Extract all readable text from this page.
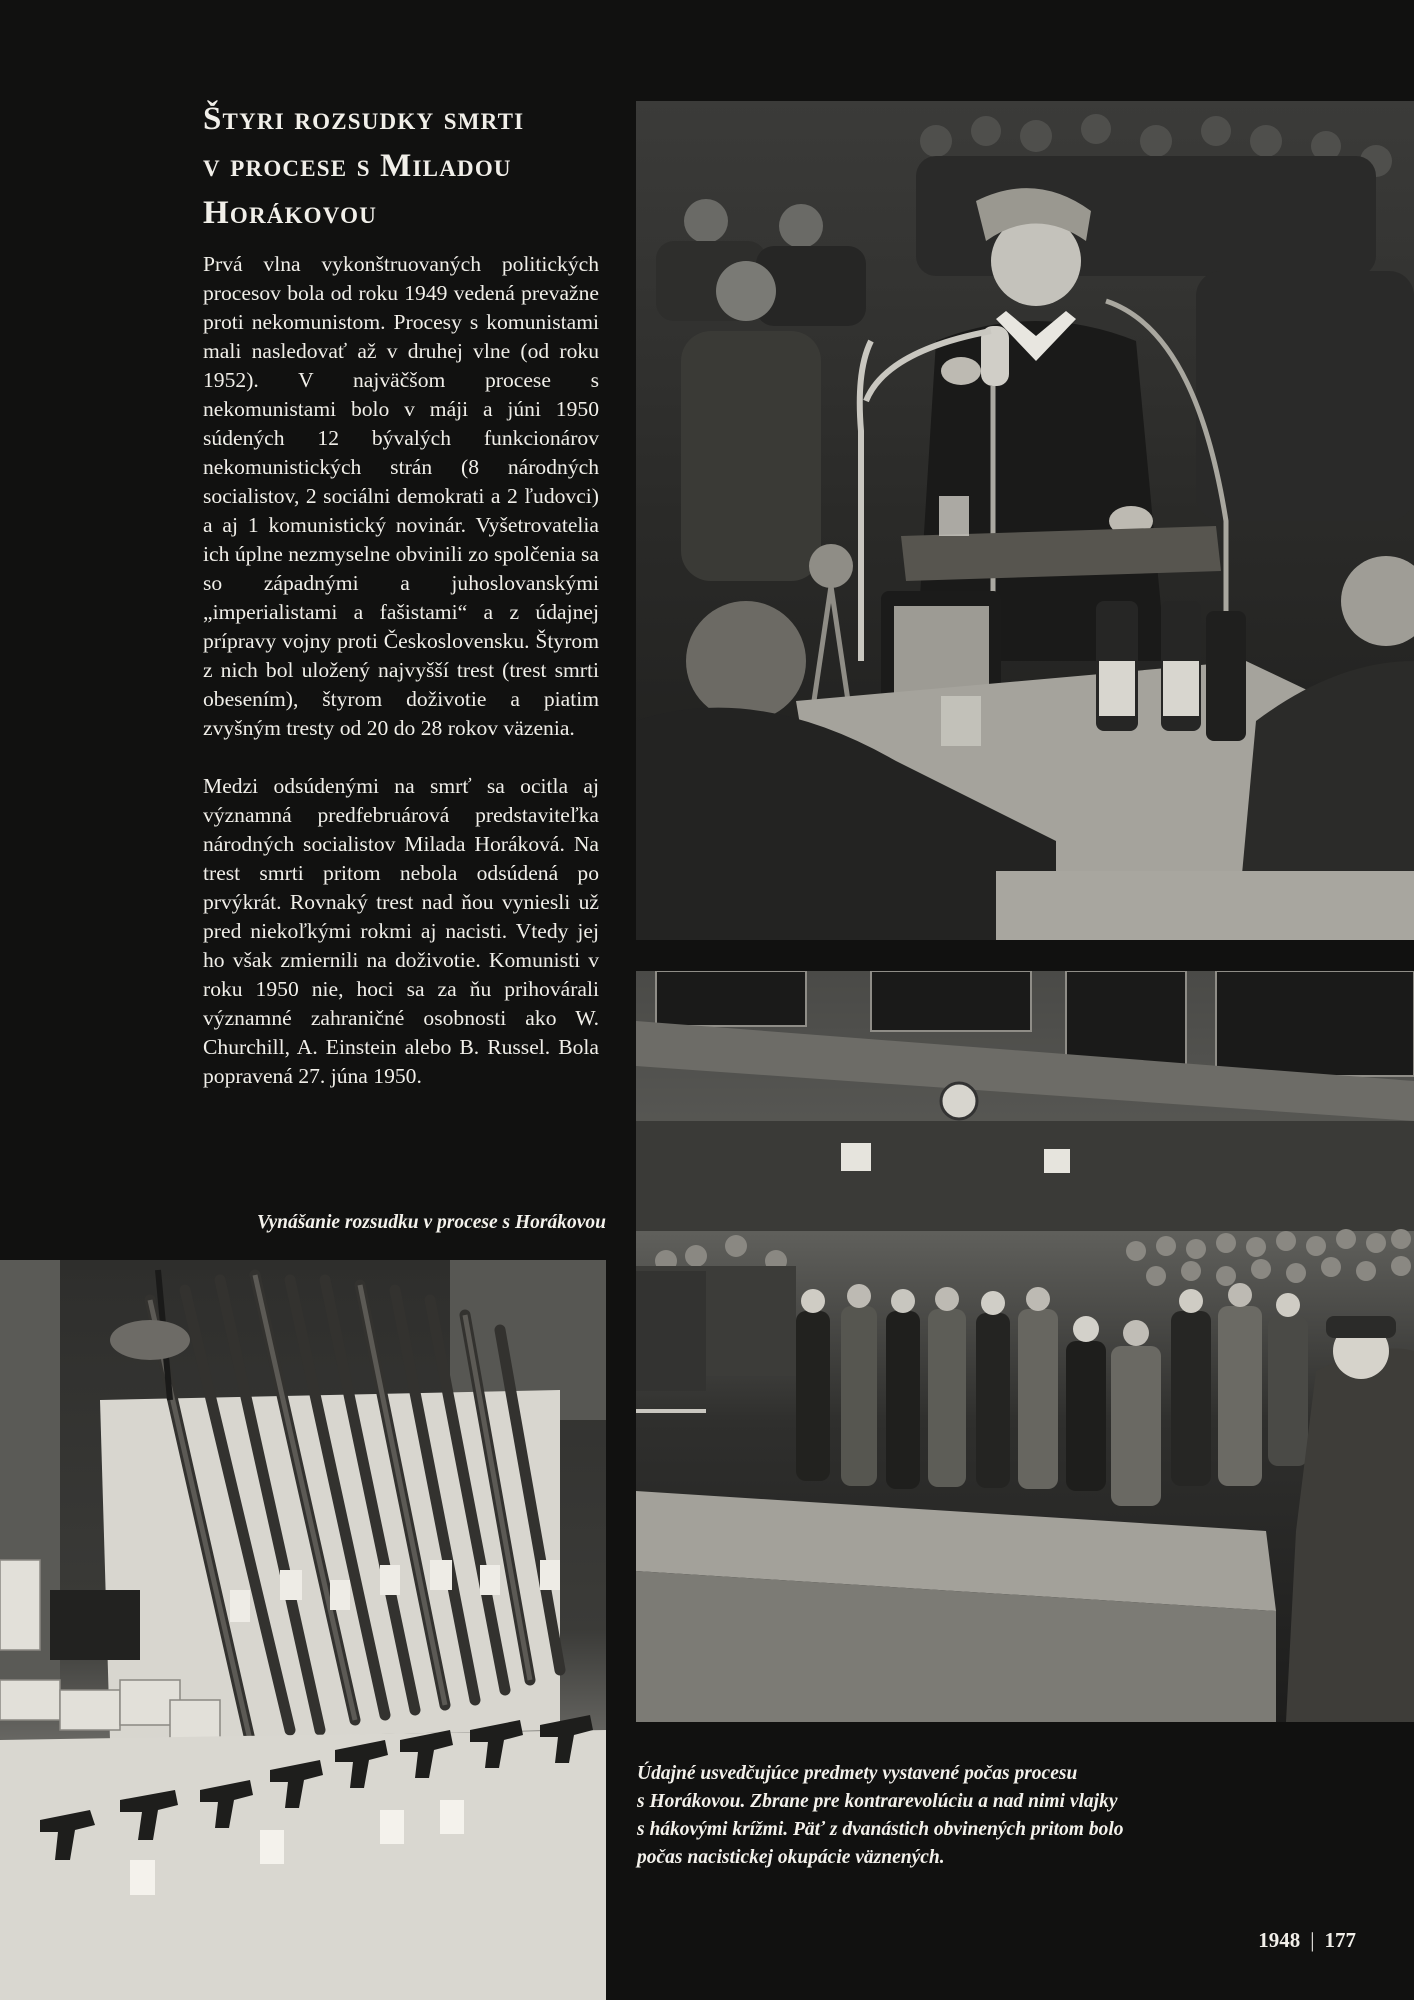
Štyri rozsudky smrti
v procese s Miladou
Horákovou

Prvá vlna vykonštruovaných politických procesov bola od roku 1949 vedená prevažne proti nekomunistom. Procesy s komunistami mali nasledovať až v druhej vlne (od roku 1952). V najväčšom procese s nekomunistami bolo v máji a júni 1950 súdených 12 bývalých funkcionárov nekomunistických strán (8 národných socialistov, 2 sociálni demokrati a 2 ľudovci) a aj 1 komunistický novinár. Vyšetrovatelia ich úplne nezmyselne obvinili zo spolčenia sa so západnými a juhoslovanskými „imperialistami a fašistami“ a z údajnej prípravy vojny proti Československu. Štyrom z nich bol uložený najvyšší trest (trest smrti obesením), štyrom doživotie a piatim zvyšným tresty od 20 do 28 rokov väzenia.

Medzi odsúdenými na smrť sa ocitla aj významná predfebruárová predstaviteľka národných socialistov Milada Horáková. Na trest smrti pritom nebola odsúdená po prvýkrát. Rovnaký trest nad ňou vyniesli už pred niekoľkými rokmi aj nacisti. Vtedy jej ho však zmiernili na doživotie. Komunisti v roku 1950 nie, hoci sa za ňu prihovárali významné zahraničné osobnosti ako W. Churchill, A. Einstein alebo B. Russel. Bola popravená 27. júna 1950.

Vynášanie rozsudku v procese s Horákovou
Údajné usvedčujúce predmety vystavené počas procesu
s Horákovou. Zbrane pre kontrarevolúciu a nad nimi vlajky
s hákovými krížmi. Päť z dvanástich obvinených pritom bolo
počas nacistickej okupácie väznených.
1948 | 177
